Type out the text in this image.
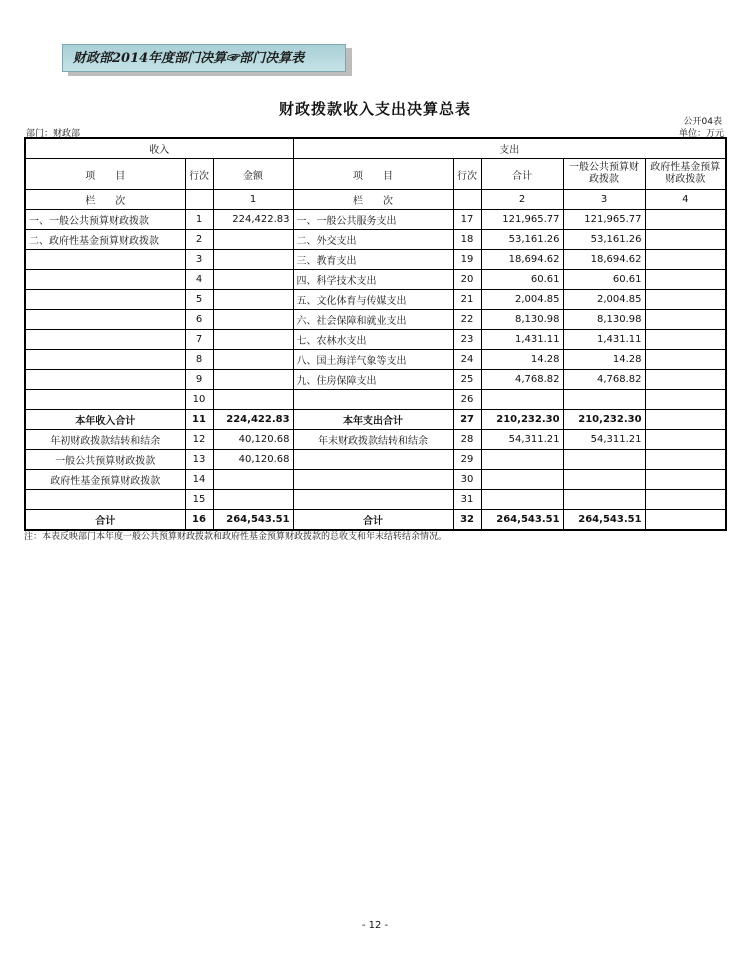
财政部2014年度部门决算☞部门决算表
财政拨款收入支出决算总表
公开04表
部门：财政部	单位：万元
收入			支出				
项　　目	行次	金额	项　　目	行次	合计	一般公共预算财政拨款	政府性基金预算财政拨款
栏　　次		1	栏　　次		2	3	4
一、一般公共预算财政拨款	1	224,422.83	一、一般公共服务支出	17	121,965.77	121,965.77	
二、政府性基金预算财政拨款	2		二、外交支出	18	53,161.26	53,161.26	
	3		三、教育支出	19	18,694.62	18,694.62	
	4		四、科学技术支出	20	60.61	60.61	
	5		五、文化体育与传媒支出	21	2,004.85	2,004.85	
	6		六、社会保障和就业支出	22	8,130.98	8,130.98	
	7		七、农林水支出	23	1,431.11	1,431.11	
	8		八、国土海洋气象等支出	24	14.28	14.28	
	9		九、住房保障支出	25	4,768.82	4,768.82	
	10			26			
本年收入合计	11	224,422.83	本年支出合计	27	210,232.30	210,232.30	
年初财政拨款结转和结余	12	40,120.68	年末财政拨款结转和结余	28	54,311.21	54,311.21	
一般公共预算财政拨款	13	40,120.68		29			
政府性基金预算财政拨款	14			30			
	15			31			
合计	16	264,543.51	合计	32	264,543.51	264,543.51	
注：本表反映部门本年度一般公共预算财政拨款和政府性基金预算财政拨款的总收支和年末结转结余情况。
- 12 -
